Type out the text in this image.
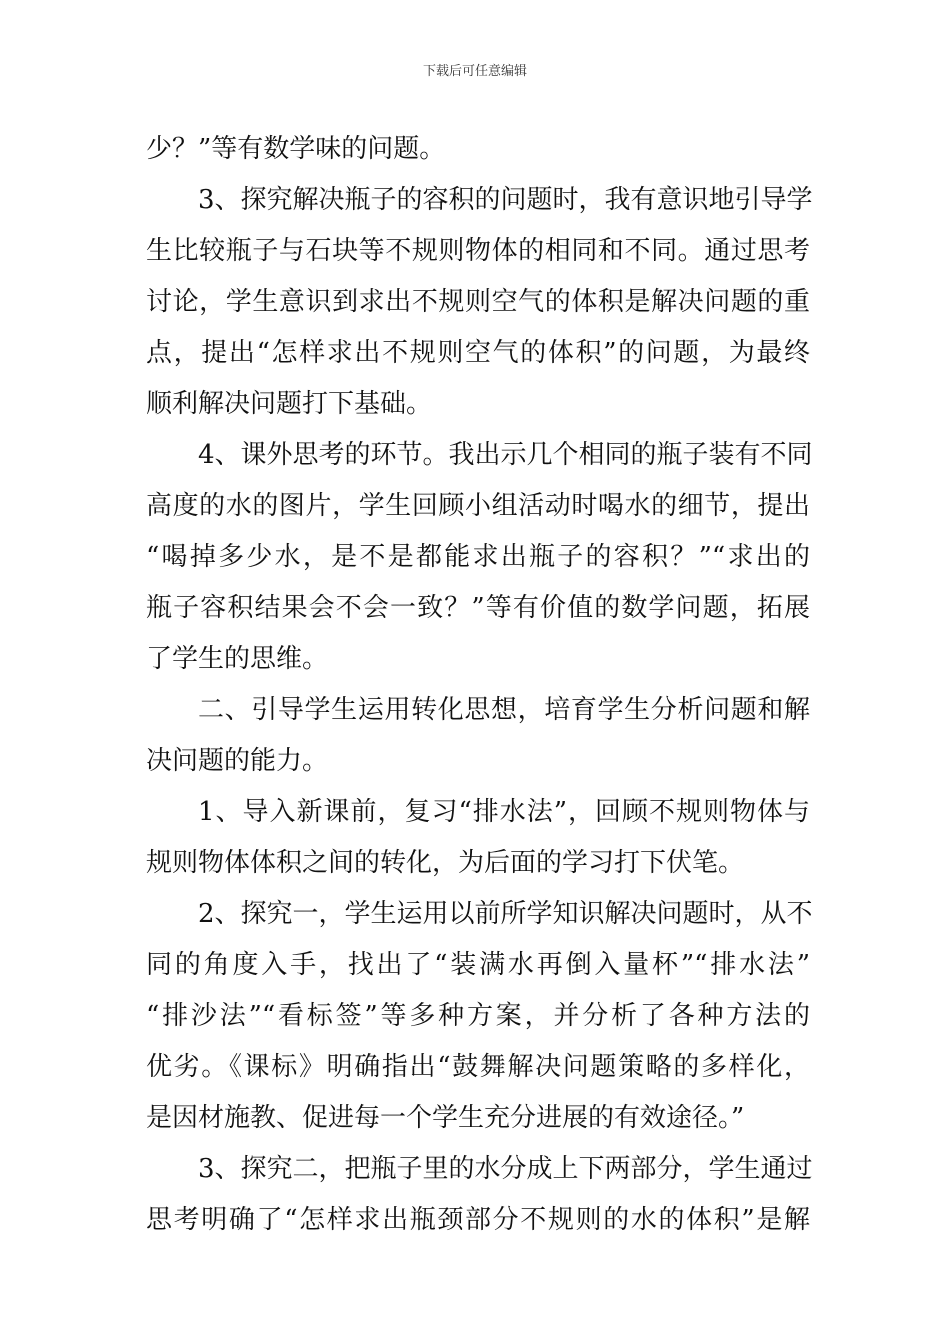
下载后可任意编辑
少？”等有数学味的问题。
3、探究解决瓶子的容积的问题时，我有意识地引导学
生比较瓶子与石块等不规则物体的相同和不同。通过思考
讨论，学生意识到求出不规则空气的体积是解决问题的重
点，提出“怎样求出不规则空气的体积”的问题，为最终
顺利解决问题打下基础。
4、课外思考的环节。我出示几个相同的瓶子装有不同
高度的水的图片，学生回顾小组活动时喝水的细节，提出
“喝掉多少水，是不是都能求出瓶子的容积？”“求出的
瓶子容积结果会不会一致？”等有价值的数学问题，拓展
了学生的思维。
二、引导学生运用转化思想，培育学生分析问题和解
决问题的能力。
1、导入新课前，复习“排水法”，回顾不规则物体与
规则物体体积之间的转化，为后面的学习打下伏笔。
2、探究一，学生运用以前所学知识解决问题时，从不
同的角度入手，找出了“装满水再倒入量杯”“排水法”
“排沙法”“看标签”等多种方案，并分析了各种方法的
优劣。《课标》明确指出“鼓舞解决问题策略的多样化，
是因材施教、促进每一个学生充分进展的有效途径。”
3、探究二，把瓶子里的水分成上下两部分，学生通过
思考明确了“怎样求出瓶颈部分不规则的水的体积”是解
